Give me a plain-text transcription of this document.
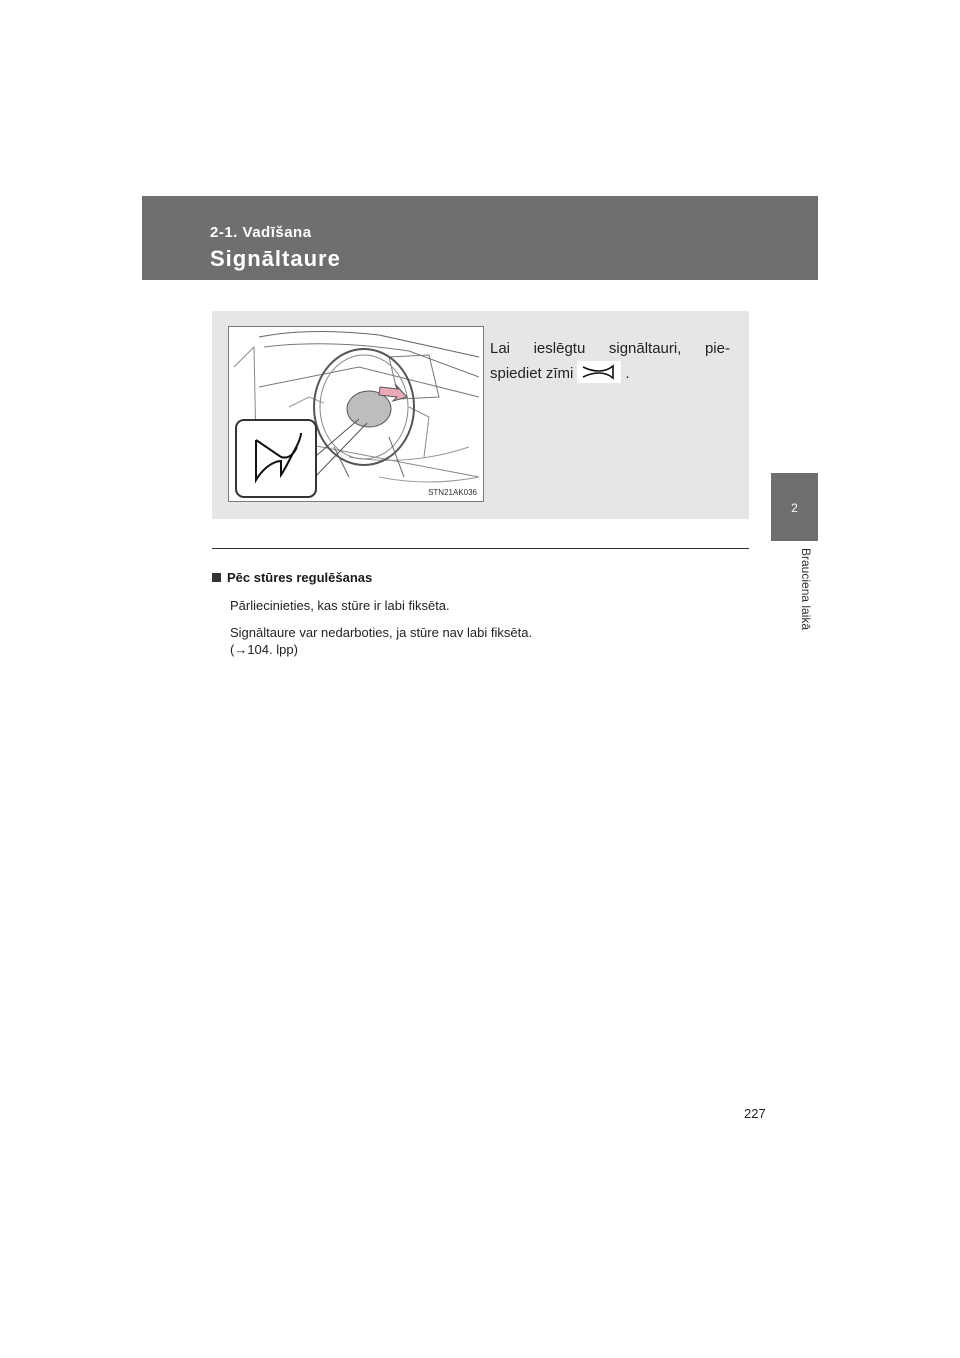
2-1. Vadīšana
Signāltaure
2
Brauciena laikā
STN21AK036
Lai ieslēgtu signāltauri, pie-
spiediet zīmi	.
Pēc stūres regulēšanas
Pārliecinieties, kas stūre ir labi fiksēta.
Signāltaure var nedarboties, ja stūre nav labi fiksēta.
(→104. lpp)
227
